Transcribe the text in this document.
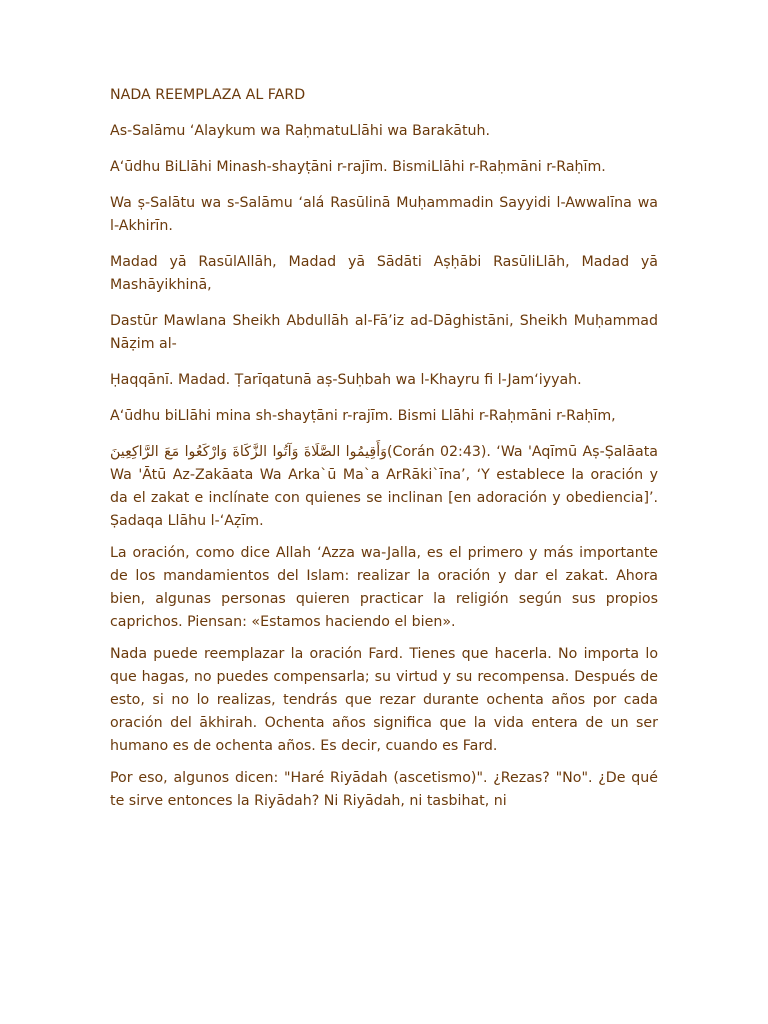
NADA REEMPLAZA AL FARD

As-Salāmu ‘Alaykum wa RaḥmatuLlāhi wa Barakātuh.

A‘ūdhu BiLlāhi Minash-shayṭāni r-rajīm. BismiLlāhi r-Raḥmāni r-Raḥīm.

Wa ṣ-Salātu wa s-Salāmu ‘alá Rasūlinā Muḥammadin Sayyidi l-Awwalīna wa l-Akhirīn.

Madad yā RasūlAllāh, Madad yā Sādāti Aṣḥābi RasūliLlāh, Madad yā Mashāyikhinā,

Dastūr Mawlana Sheikh Abdullāh al-Fā’iz ad-Dāghistāni, Sheikh Muḥammad Nāẓim al-

Ḥaqqānī. Madad. Ṭarīqatunā aṣ-Suḥbah wa l-Khayru fi l-Jam‘iyyah.

A‘ūdhu biLlāhi mina sh-shayṭāni r-rajīm. Bismi Llāhi r-Raḥmāni r-Raḥīm,

وَأَقِيمُوا الصَّلَاةَ وَآتُوا الزَّكَاةَ وَارْكَعُوا مَعَ الرَّاكِعِينَ(Corán 02:43). ‘Wa 'Aqīmū Aṣ-Ṣalāata Wa 'Ātū Az-Zakāata Wa Arka`ū Ma`a ArRāki`īna’, ‘Y establece la oración y da el zakat e inclínate con quienes se inclinan [en adoración y obediencia]’. Ṣadaqa Llāhu l-‘Aẓīm.

La oración, como dice Allah ‘Azza wa-Jalla, es el primero y más importante de los mandamientos del Islam: realizar la oración y dar el zakat. Ahora bien, algunas personas quieren practicar la religión según sus propios caprichos. Piensan: «Estamos haciendo el bien».

Nada puede reemplazar la oración Fard. Tienes que hacerla. No importa lo que hagas, no puedes compensarla; su virtud y su recompensa. Después de esto, si no lo realizas, tendrás que rezar durante ochenta años por cada oración del ākhirah. Ochenta años significa que la vida entera de un ser humano es de ochenta años. Es decir, cuando es Fard.

Por eso, algunos dicen: "Haré Riyādah (ascetismo)". ¿Rezas? "No". ¿De qué te sirve entonces la Riyādah? Ni Riyādah, ni tasbihat, ni
